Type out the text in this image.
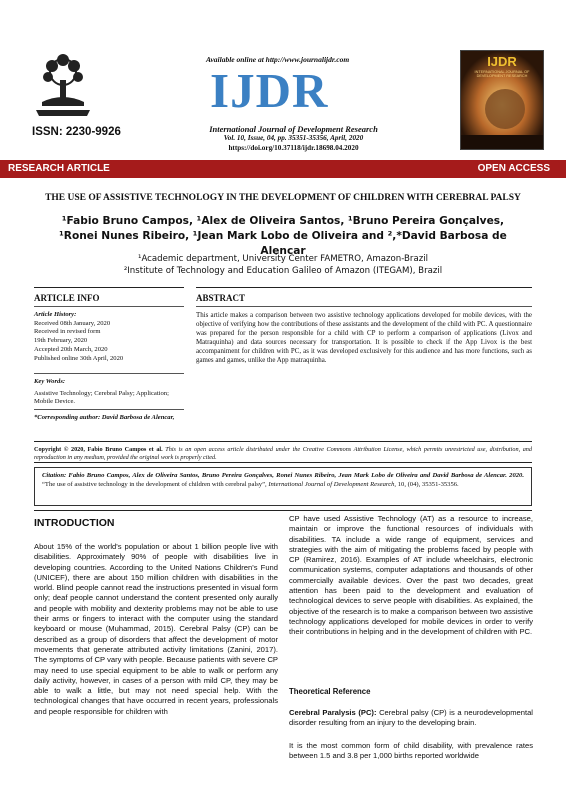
ISSN: 2230-9926
Available online at http://www.journalijdr.com
IJDR
International Journal of Development Research
Vol. 10, Issue, 04, pp. 35351-35356, April, 2020
https://doi.org/10.37118/ijdr.18698.04.2020
IJDR
INTERNATIONAL JOURNAL OF DEVELOPMENT RESEARCH
RESEARCH ARTICLE	OPEN ACCESS
THE USE OF ASSISTIVE TECHNOLOGY IN THE DEVELOPMENT OF CHILDREN WITH CEREBRAL PALSY
¹Fabio Bruno Campos, ¹Alex de Oliveira Santos, ¹Bruno Pereira Gonçalves, ¹Ronei Nunes Ribeiro, ¹Jean Mark Lobo de Oliveira and ²,*David Barbosa de Alencar
¹Academic department, University Center FAMETRO, Amazon-Brazil
²Institute of Technology and Education Galileo of Amazon (ITEGAM), Brazil
ARTICLE INFO	ABSTRACT
Article History:
Received 08th January, 2020
Received in revised form
19th February, 2020
Accepted 20th March, 2020
Published online 30th April, 2020
Key Words:
Assistive Technology; Cerebral Palsy; Application; Mobile Device.
*Corresponding author: David Barbosa de Alencar,
This article makes a comparison between two assistive technology applications developed for mobile devices, with the objective of verifying how the contributions of these assistants and the development of the child with PC. A questionnaire was prepared for the person responsible for a child with CP to perform a comparison of applications (Livox and Matraquinha) and data sources necessary for transportation. It is possible to check if the App Livox is the best accompaniment for children with PC, as it was developed exclusively for this audience and has more functions, such as games and games, unlike the App matraquinha.
Copyright © 2020, Fabio Bruno Campos et al. This is an open access article distributed under the Creative Commons Attribution License, which permits unrestricted use, distribution, and reproduction in any medium, provided the original work is properly cited.
Citation: Fabio Bruno Campos, Alex de Oliveira Santos, Bruno Pereira Gonçalves, Ronei Nunes Ribeiro, Jean Mark Lobo de Oliveira and David Barbosa de Alencar. 2020. “The use of assistive technology in the development of children with cerebral palsy”, International Journal of Development Research, 10, (04), 35351-35356.
INTRODUCTION
About 15% of the world's population or about 1 billion people live with disabilities. Approximately 90% of people with disabilities live in developing countries. According to the United Nations Children's Fund (UNICEF), there are about 150 million children with disabilities in the world. Blind people cannot read the instructions presented in visual form only; deaf people cannot understand the content presented only aurally and people with mobility and dexterity problems may not be able to use their arms or fingers to interact with the computer using the standard keyboard or mouse (Muhammad, 2015). Cerebral Palsy (CP) can be described as a group of disorders that affect the development of motor movements that generate attributed activity limitations (Zanini, 2017). The symptoms of CP vary with people. Because patients with severe CP may need to use special equipment to be able to walk or perform any daily activity, however, in cases of a person with mild CP, they may be able to walk a little, but may not need special help. With the technological changes that have occurred in recent years, professionals and people responsible for children with
CP have used Assistive Technology (AT) as a resource to increase, maintain or improve the functional resources of individuals with disabilities. TA include a wide range of equipment, services and strategies with the aim of mitigating the problems faced by people with CP (Ramirez, 2016). Examples of AT include wheelchairs, electronic communication systems, computer adaptations and thousands of other commercially available devices. Over the past two decades, great attention has been paid to the development and evaluation of technological devices to serve people with disabilities. As explained, the objective of the research is to make a comparison between two assistive technology applications developed for mobile devices in order to verify their contributions in helping and in the development of children with PC.
Theoretical Reference
Cerebral Paralysis (PC): Cerebral palsy (CP) is a neurodevelopmental disorder resulting from an injury to the developing brain.
It is the most common form of child disability, with prevalence rates between 1.5 and 3.8 per 1,000 births reported worldwide
